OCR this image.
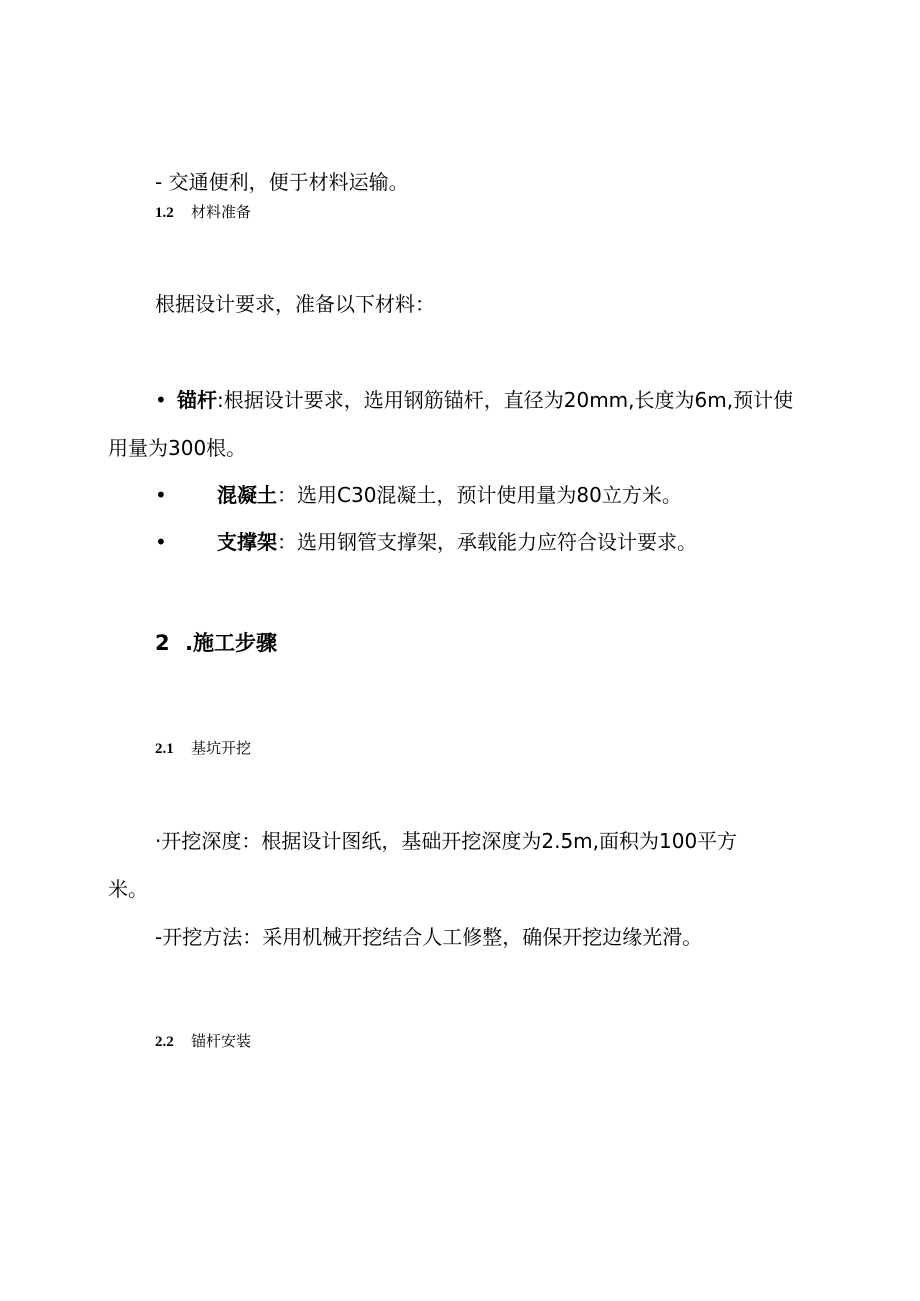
- 交通便利，便于材料运输。
1.2 材料准备
根据设计要求，准备以下材料：
• 锚杆:根据设计要求，选用钢筋锚杆，直径为20mm,长度为6m,预计使
用量为300根。
•	混凝土：选用C30混凝土，预计使用量为80立方米。
•	支撑架：选用钢管支撑架，承载能力应符合设计要求。
2 .施工步骤
2.1 基坑开挖
·开挖深度：根据设计图纸，基础开挖深度为2.5m,面积为100平方
米。
-开挖方法：采用机械开挖结合人工修整，确保开挖边缘光滑。
2.2 锚杆安装
